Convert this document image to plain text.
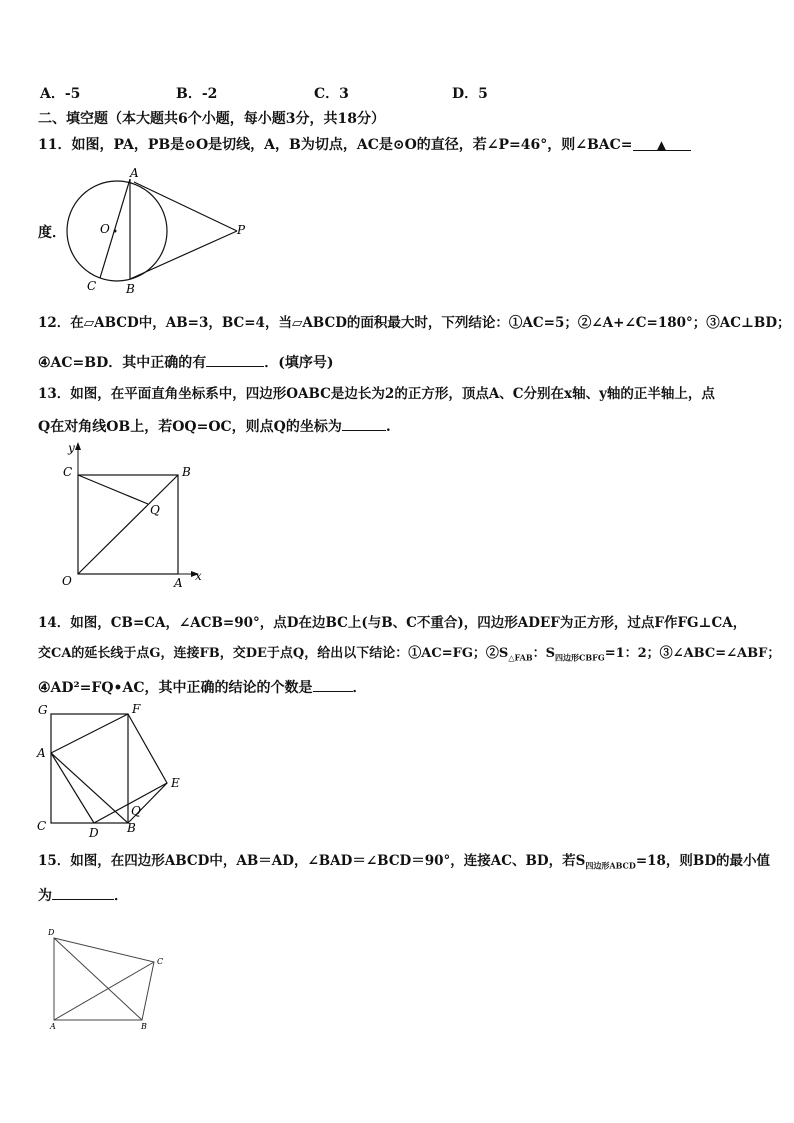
A．-5	B．-2	C．3	D．5
二、填空题（本大题共6个小题，每小题3分，共18分）
11．如图，PA，PB是⊙O是切线，A，B为切点，AC是⊙O的直径，若∠P=46°，则∠BAC= ▲
度．
A
O	P
C B
12．在▱ABCD中，AB=3，BC=4，当▱ABCD的面积最大时，下列结论：①AC=5；②∠A+∠C=180°；③AC⊥BD；
④AC=BD．其中正确的有	．(填序号)
13．如图，在平面直角坐标系中，四边形OABC是边长为2的正方形，顶点A、C分别在x轴、y轴的正半轴上，点
Q在对角线OB上，若OQ=OC，则点Q的坐标为	.
y
C	B
Q
O	A x
14．如图，CB=CA，∠ACB=90°，点D在边BC上(与B、C不重合)，四边形ADEF为正方形，过点F作FG⊥CA，
交CA的延长线于点G，连接FB，交DE于点Q，给出以下结论：①AC=FG；$②S_{\triangle FAB}$：$S_{四边形CBFG}=1$：2；③∠ABC=∠ABF；
④AD²=FQ•AC，其中正确的结论的个数是	．
G	F
A
E
Q
C	D B
15．如图，在四边形ABCD中，AB＝AD，∠BAD＝∠BCD＝90°，连接AC、BD，若$S_{四边形ABCD}=18$，则BD的最小值
为	．
D
C
A	B
